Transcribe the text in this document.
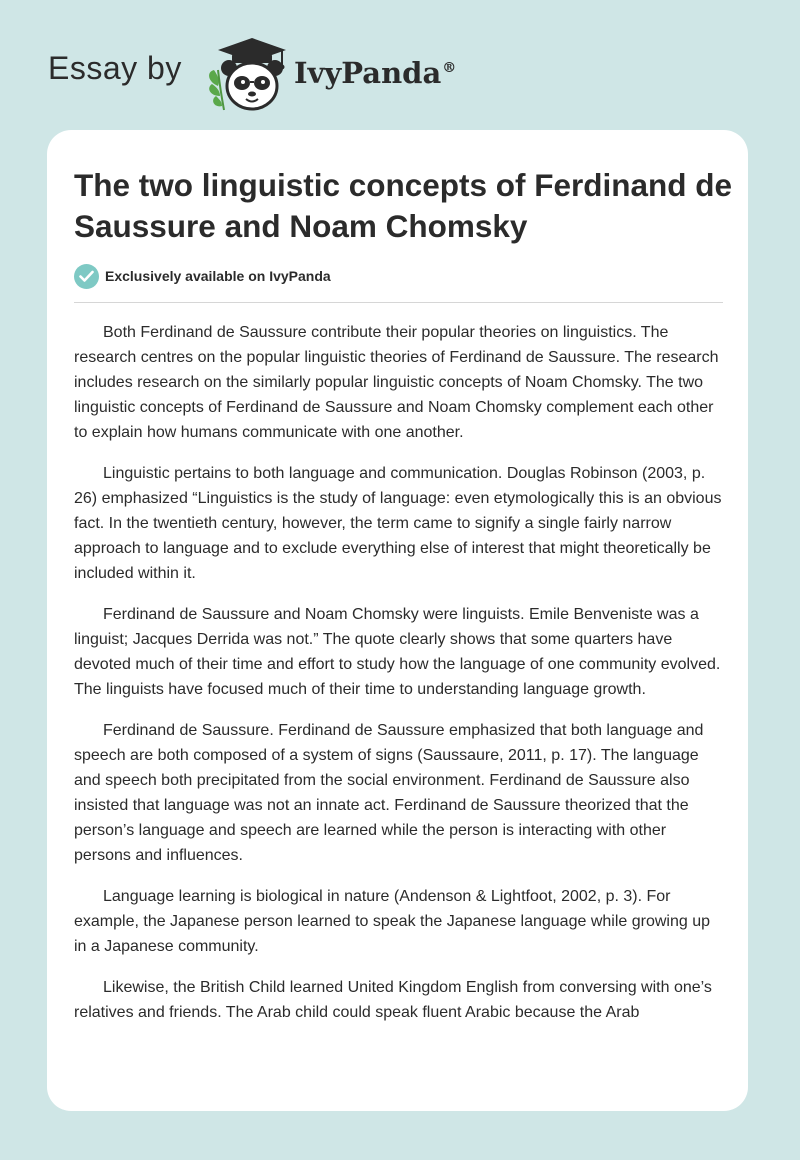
Essay by	IvyPanda®
The two linguistic concepts of Ferdinand de Saussure and Noam Chomsky
Exclusively available on IvyPanda

Both Ferdinand de Saussure contribute their popular theories on linguistics. The research centres on the popular linguistic theories of Ferdinand de Saussure. The research includes research on the similarly popular linguistic concepts of Noam Chomsky. The two linguistic concepts of Ferdinand de Saussure and Noam Chomsky complement each other to explain how humans communicate with one another.

Linguistic pertains to both language and communication. Douglas Robinson (2003, p. 26) emphasized “Linguistics is the study of language: even etymologically this is an obvious fact. In the twentieth century, however, the term came to signify a single fairly narrow approach to language and to exclude everything else of interest that might theoretically be included within it.

Ferdinand de Saussure and Noam Chomsky were linguists. Emile Benveniste was a linguist; Jacques Derrida was not.” The quote clearly shows that some quarters have devoted much of their time and effort to study how the language of one community evolved. The linguists have focused much of their time to understanding language growth.

Ferdinand de Saussure. Ferdinand de Saussure emphasized that both language and speech are both composed of a system of signs (Saussaure, 2011, p. 17). The language and speech both precipitated from the social environment. Ferdinand de Saussure also insisted that language was not an innate act. Ferdinand de Saussure theorized that the person’s language and speech are learned while the person is interacting with other persons and influences.

Language learning is biological in nature (Andenson & Lightfoot, 2002, p. 3). For example, the Japanese person learned to speak the Japanese language while growing up in a Japanese community.

Likewise, the British Child learned United Kingdom English from conversing with one’s relatives and friends. The Arab child could speak fluent Arabic because the Arab
